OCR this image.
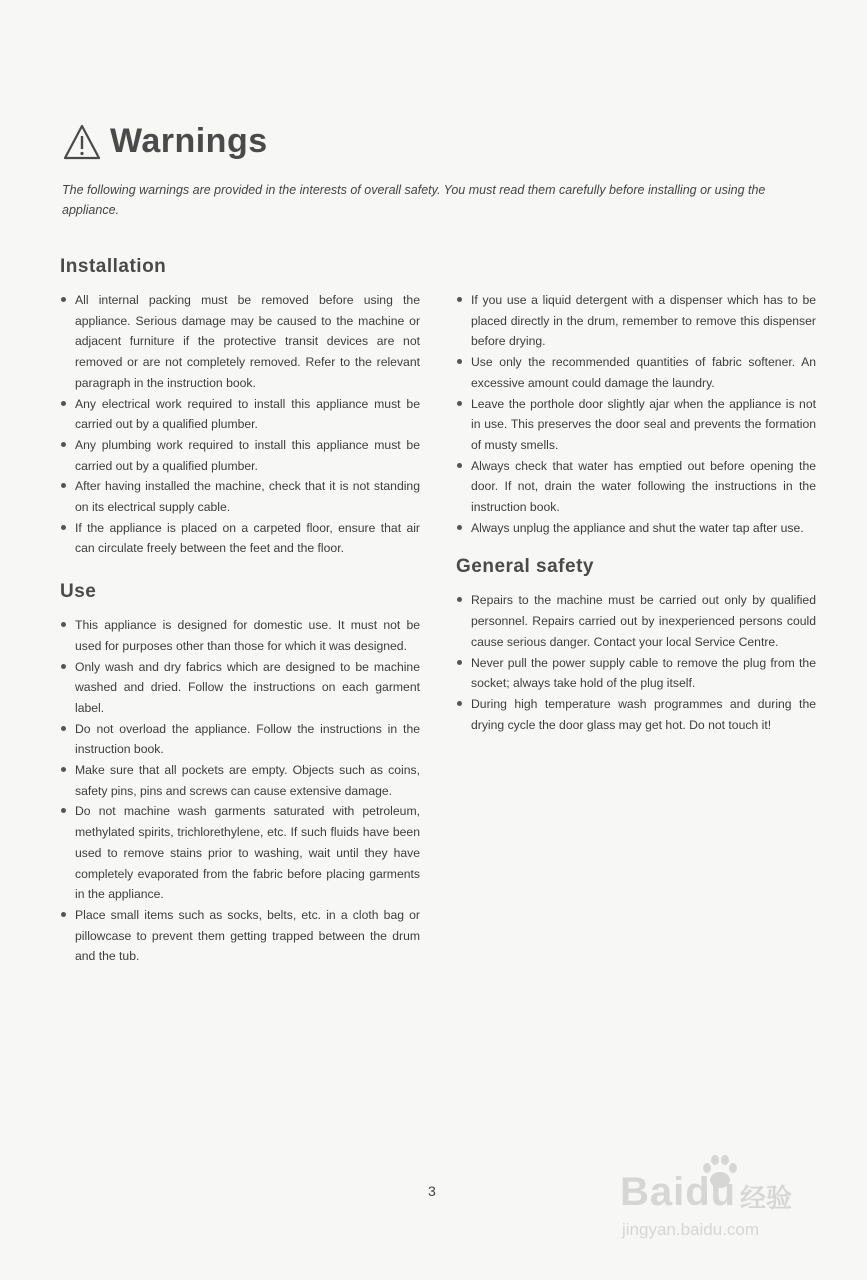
Warnings
The following warnings are provided in the interests of overall safety. You must read them carefully before installing or using the appliance.
Installation
All internal packing must be removed before using the appliance. Serious damage may be caused to the machine or adjacent furniture if the protective transit devices are not removed or are not completely removed. Refer to the relevant paragraph in the instruction book.
Any electrical work required to install this appliance must be carried out by a qualified plumber.
Any plumbing work required to install this appliance must be carried out by a qualified plumber.
After having installed the machine, check that it is not standing on its electrical supply cable.
If the appliance is placed on a carpeted floor, ensure that air can circulate freely between the feet and the floor.
Use
This appliance is designed for domestic use. It must not be used for purposes other than those for which it was designed.
Only wash and dry fabrics which are designed to be machine washed and dried. Follow the instructions on each garment label.
Do not overload the appliance. Follow the instructions in the instruction book.
Make sure that all pockets are empty. Objects such as coins, safety pins, pins and screws can cause extensive damage.
Do not machine wash garments saturated with petroleum, methylated spirits, trichlorethylene, etc. If such fluids have been used to remove stains prior to washing, wait until they have completely evaporated from the fabric before placing garments in the appliance.
Place small items such as socks, belts, etc. in a cloth bag or pillowcase to prevent them getting trapped between the drum and the tub.
If you use a liquid detergent with a dispenser which has to be placed directly in the drum, remember to remove this dispenser before drying.
Use only the recommended quantities of fabric softener. An excessive amount could damage the laundry.
Leave the porthole door slightly ajar when the appliance is not in use. This preserves the door seal and prevents the formation of musty smells.
Always check that water has emptied out before opening the door. If not, drain the water following the instructions in the instruction book.
Always unplug the appliance and shut the water tap after use.
General safety
Repairs to the machine must be carried out only by qualified personnel. Repairs carried out by inexperienced persons could cause serious danger. Contact your local Service Centre.
Never pull the power supply cable to remove the plug from the socket; always take hold of the plug itself.
During high temperature wash programmes and during the drying cycle the door glass may get hot. Do not touch it!
3	Baidu 经验
jingyan.baidu.com
